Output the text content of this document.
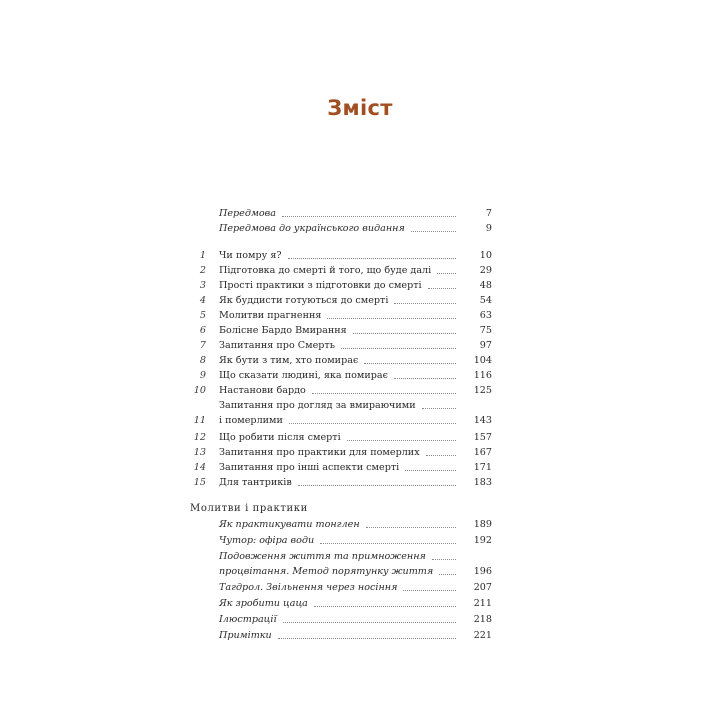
Зміст
Передмова	7
Передмова до українського видання	9
1 Чи помру я?	10
2 Підготовка до смерті й того, що буде далі	29
3 Прості практики з підготовки до смерті	48
4 Як буддисти готуються до смерті	54
5 Молитви прагнення	63
6 Болісне Бардо Вмирання	75
7 Запитання про Смерть	97
8 Як бути з тим, хто помирає	104
9 Що сказати людині, яка помирає	116
10 Настанови бардо	125
Запитання про догляд за вмираючими
11 і померлими	143
12 Що робити після смерті	157
13 Запитання про практики для померлих	167
14 Запитання про інші аспекти смерті	171
15 Для тантриків	183
Молитви і практики
Як практикувати тонглен	189
Чутор: офіра води	192
Подовження життя та примноження
процвітання. Метод порятунку життя	196
Тагдрол. Звільнення через носіння	207
Як зробити цаца	211
Ілюстрації	218
Примітки	221
